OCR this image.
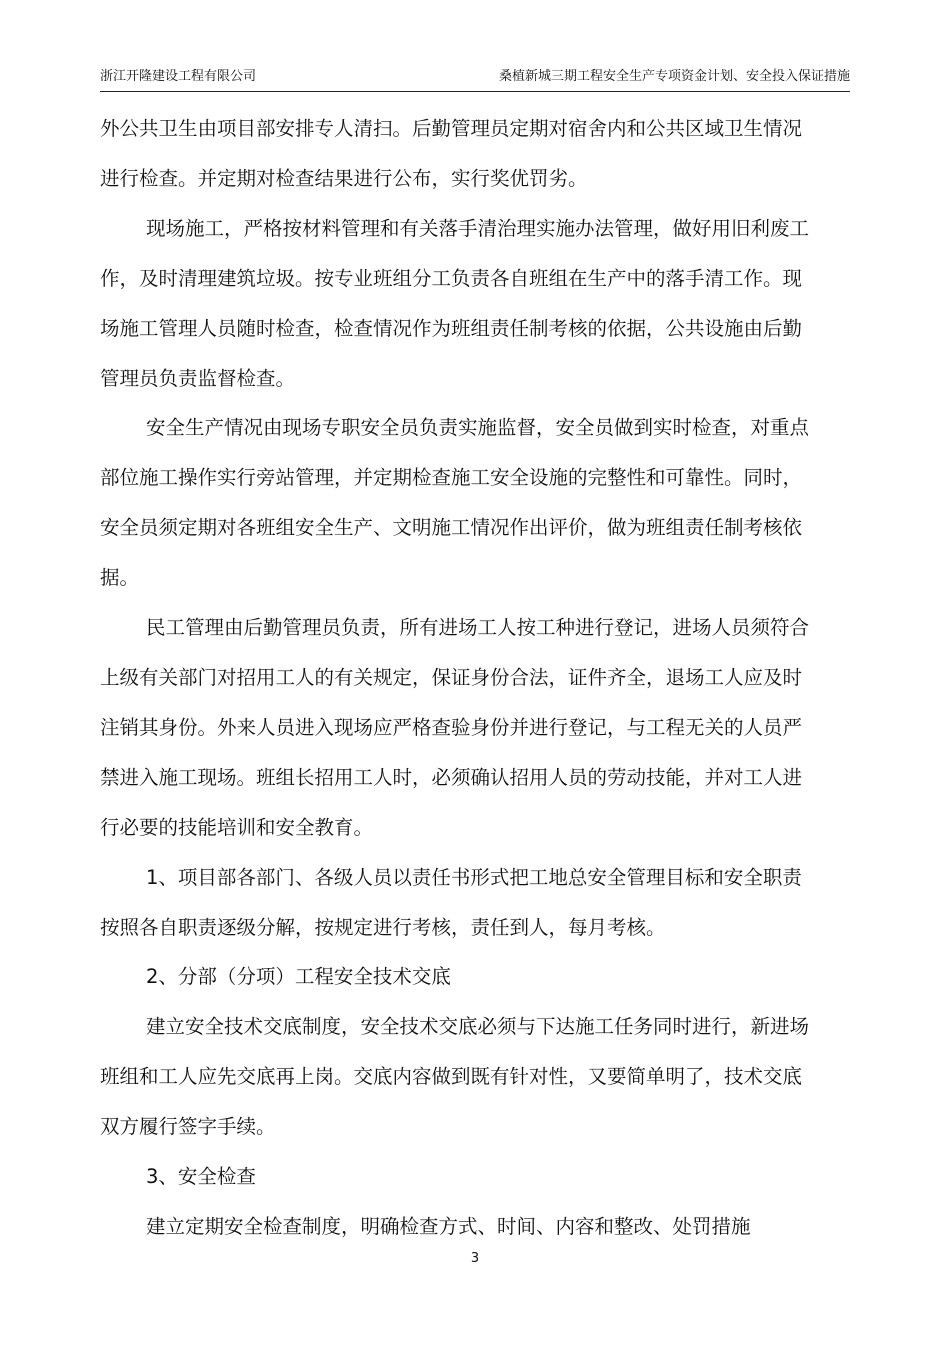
浙江开隆建设工程有限公司	桑植新城三期工程安全生产专项资金计划、安全投入保证措施

外公共卫生由项目部安排专人清扫。后勤管理员定期对宿舍内和公共区域卫生情况进行检查。并定期对检查结果进行公布，实行奖优罚劣。

现场施工，严格按材料管理和有关落手清治理实施办法管理，做好用旧利废工作，及时清理建筑垃圾。按专业班组分工负责各自班组在生产中的落手清工作。现场施工管理人员随时检查，检查情况作为班组责任制考核的依据，公共设施由后勤管理员负责监督检查。

安全生产情况由现场专职安全员负责实施监督，安全员做到实时检查，对重点部位施工操作实行旁站管理，并定期检查施工安全设施的完整性和可靠性。同时，安全员须定期对各班组安全生产、文明施工情况作出评价，做为班组责任制考核依据。

民工管理由后勤管理员负责，所有进场工人按工种进行登记，进场人员须符合上级有关部门对招用工人的有关规定，保证身份合法，证件齐全，退场工人应及时注销其身份。外来人员进入现场应严格查验身份并进行登记，与工程无关的人员严禁进入施工现场。班组长招用工人时，必须确认招用人员的劳动技能，并对工人进行必要的技能培训和安全教育。

1、项目部各部门、各级人员以责任书形式把工地总安全管理目标和安全职责按照各自职责逐级分解，按规定进行考核，责任到人，每月考核。

2、分部（分项）工程安全技术交底

建立安全技术交底制度，安全技术交底必须与下达施工任务同时进行，新进场班组和工人应先交底再上岗。交底内容做到既有针对性，又要简单明了，技术交底双方履行签字手续。

3、安全检查

建立定期安全检查制度，明确检查方式、时间、内容和整改、处罚措施

3
